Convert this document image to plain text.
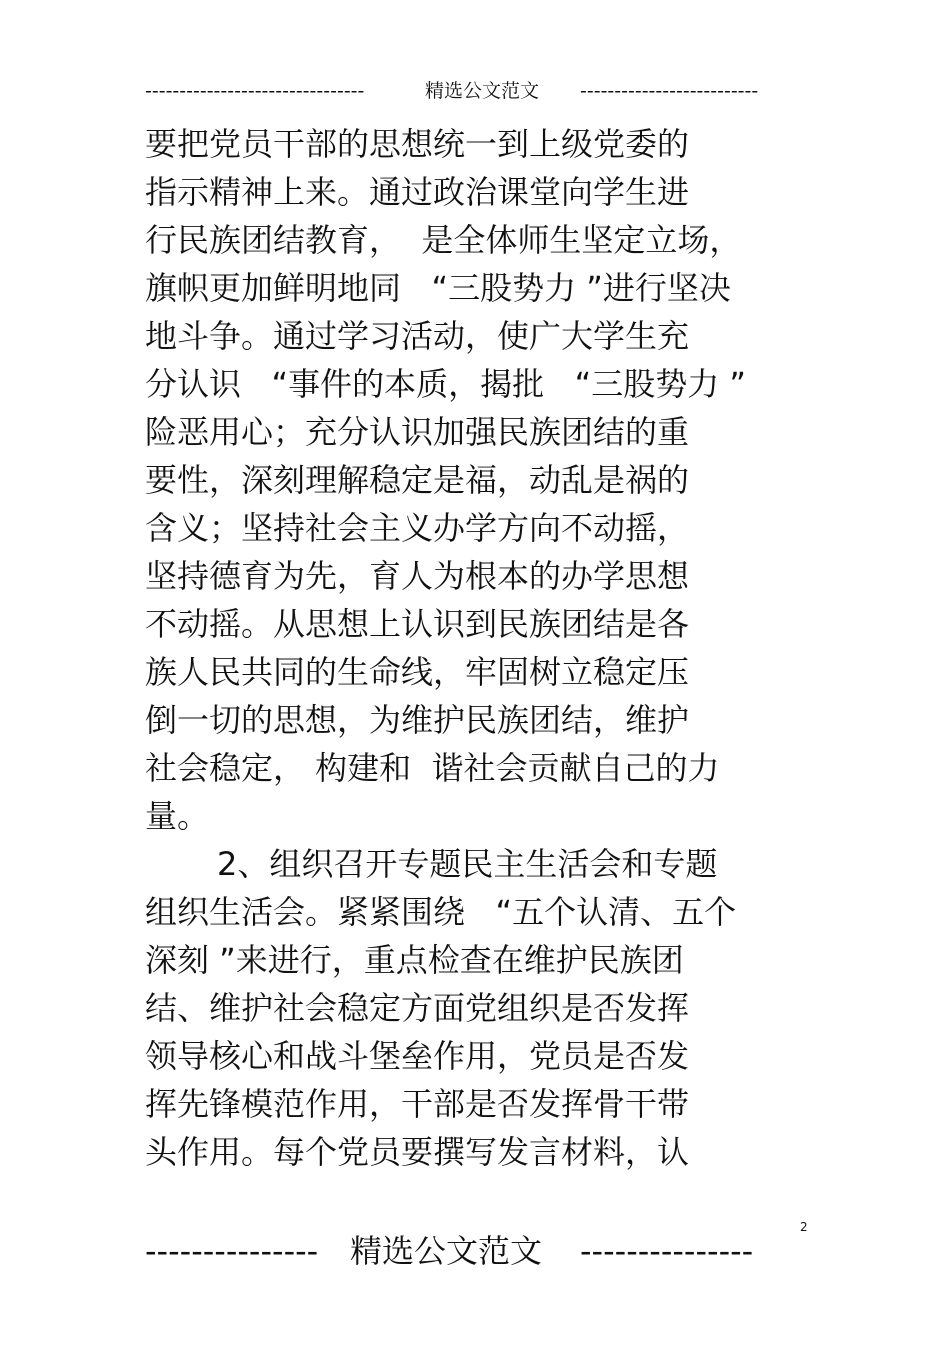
--------------------------------	精选公文范文 --------------------------
要把党员干部的思想统一到上级党委的
指示精神上来。通过政治课堂向学生进
行民族团结教育，  是全体师生坚定立场，
旗帜更加鲜明地同   “三股势力 ”进行坚决
地斗争。通过学习活动，使广大学生充
分认识   “事件的本质，揭批   “三股势力 ”
险恶用心；充分认识加强民族团结的重
要性，深刻理解稳定是福，动乱是祸的
含义；坚持社会主义办学方向不动摇，
坚持德育为先，育人为根本的办学思想
不动摇。从思想上认识到民族团结是各
族人民共同的生命线，牢固树立稳定压
倒一切的思想，为维护民族团结，维护
社会稳定， 构建和  谐社会贡献自己的力
量。
2、组织召开专题民主生活会和专题
组织生活会。紧紧围绕   “五个认清、五个
深刻 ”来进行，重点检查在维护民族团
结、维护社会稳定方面党组织是否发挥
领导核心和战斗堡垒作用，党员是否发
挥先锋模范作用，干部是否发挥骨干带
头作用。每个党员要撰写发言材料，认
2
--------------- 精选公文范文 ---------------
